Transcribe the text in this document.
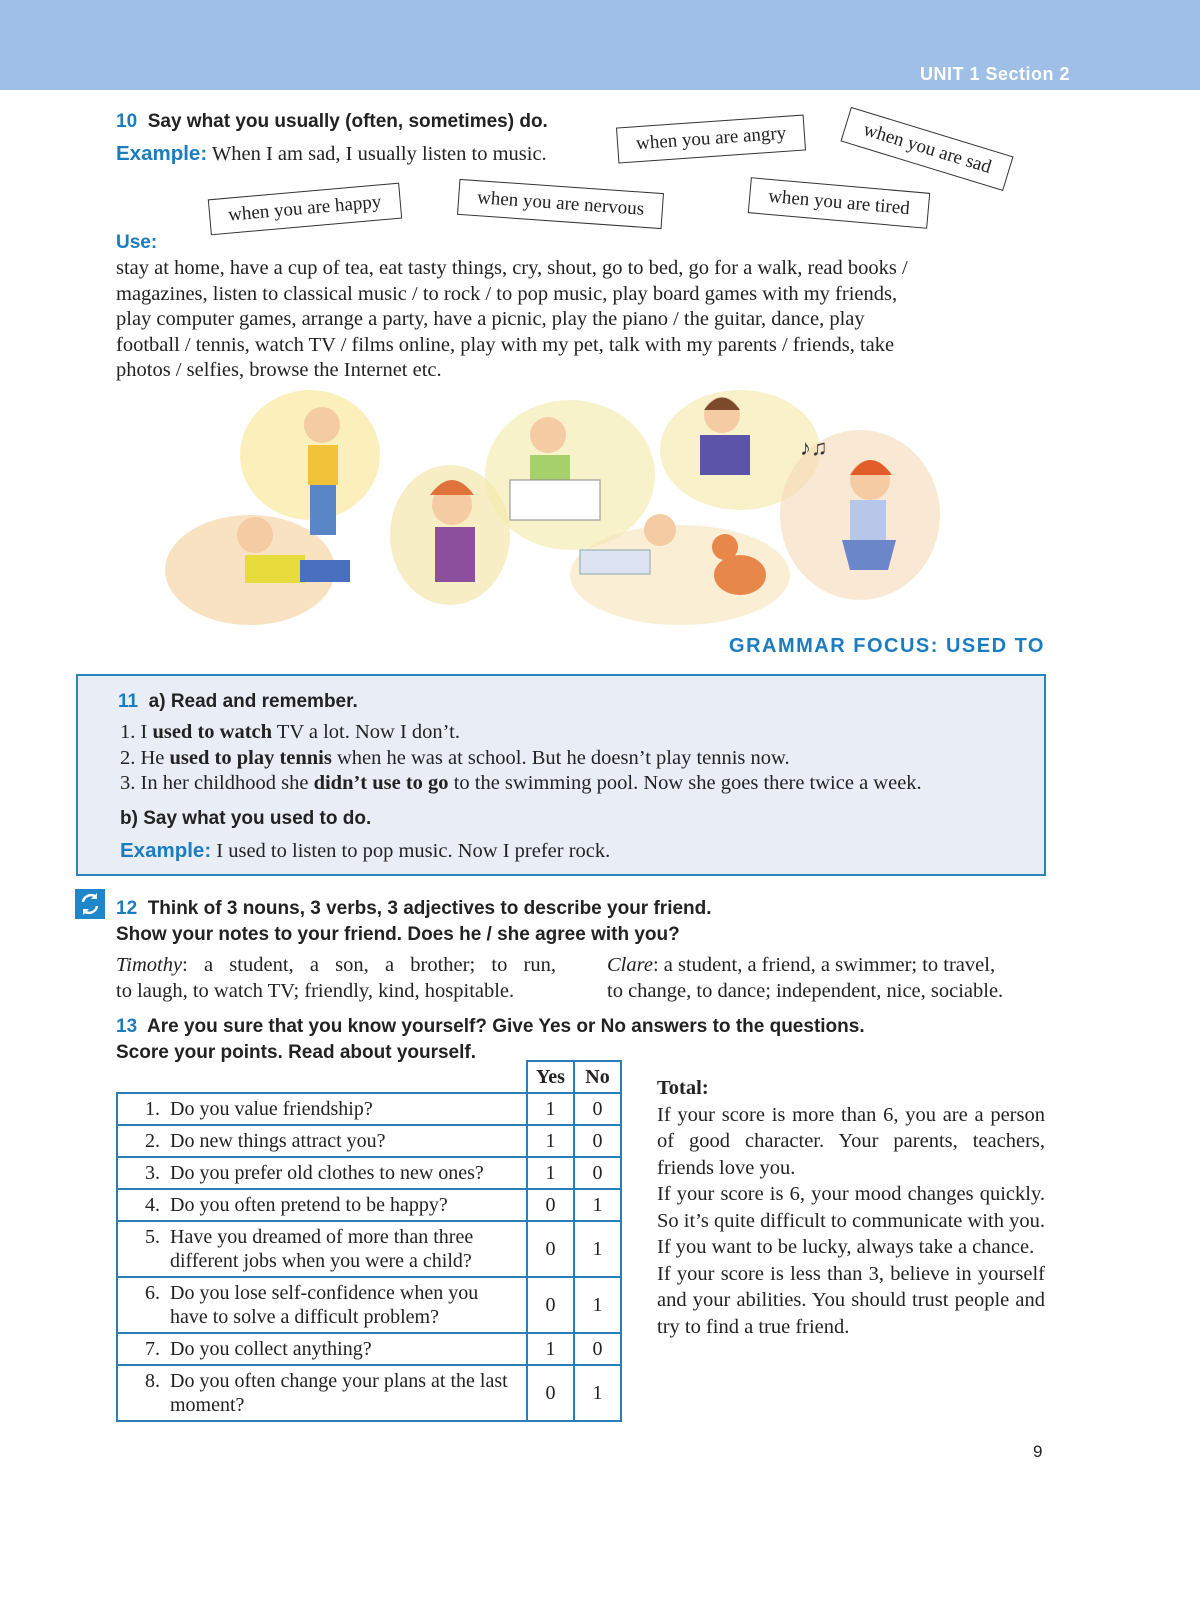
UNIT 1 Section 2
10 Say what you usually (often, sometimes) do.
Example: When I am sad, I usually listen to music.	when you are angry	when you are sad
when you are happy	when you are nervous	when you are tired
Use:
stay at home, have a cup of tea, eat tasty things, cry, shout, go to bed, go for a walk, read books /
magazines, listen to classical music / to rock / to pop music, play board games with my friends,
play computer games, arrange a party, have a picnic, play the piano / the guitar, dance, play
football / tennis, watch TV / films online, play with my pet, talk with my parents / friends, take
photos / selfies, browse the Internet etc.
♪♫
GRAMMAR FOCUS: USED TO
11 a) Read and remember.
1. I used to watch TV a lot. Now I don’t.
2. He used to play tennis when he was at school. But he doesn’t play tennis now.
3. In her childhood she didn’t use to go to the swimming pool. Now she goes there twice a week.
b) Say what you used to do.
Example: I used to listen to pop music. Now I prefer rock.
12 Think of 3 nouns, 3 verbs, 3 adjectives to describe your friend.
Show your notes to your friend. Does he / she agree with you?
Timothy: a student, a son, a brother; to run,
to laugh, to watch TV; friendly, kind, hospitable.
Clare: a student, a friend, a swimmer; to travel,
to change, to dance; independent, nice, sociable.
13 Are you sure that you know yourself? Give Yes or No answers to the questions.
Score your points. Read about yourself.
	Yes	No
1. Do you value friendship?	1	0
2. Do new things attract you?	1	0
3. Do you prefer old clothes to new ones?	1	0
4. Do you often pretend to be happy?	0	1
5. Have you dreamed of more than three different jobs when you were a child?	0	1
6. Do you lose self-confidence when you have to solve a difficult problem?	0	1
7. Do you collect anything?	1	0
8. Do you often change your plans at the last moment?	0	1
Total:
If your score is more than 6, you are a person of good character. Your parents, teachers, friends love you.
If your score is 6, your mood changes quickly. So it’s quite difficult to communicate with you. If you want to be lucky, always take a chance.
If your score is less than 3, believe in yourself and your abilities. You should trust people and try to find a true friend.
9
